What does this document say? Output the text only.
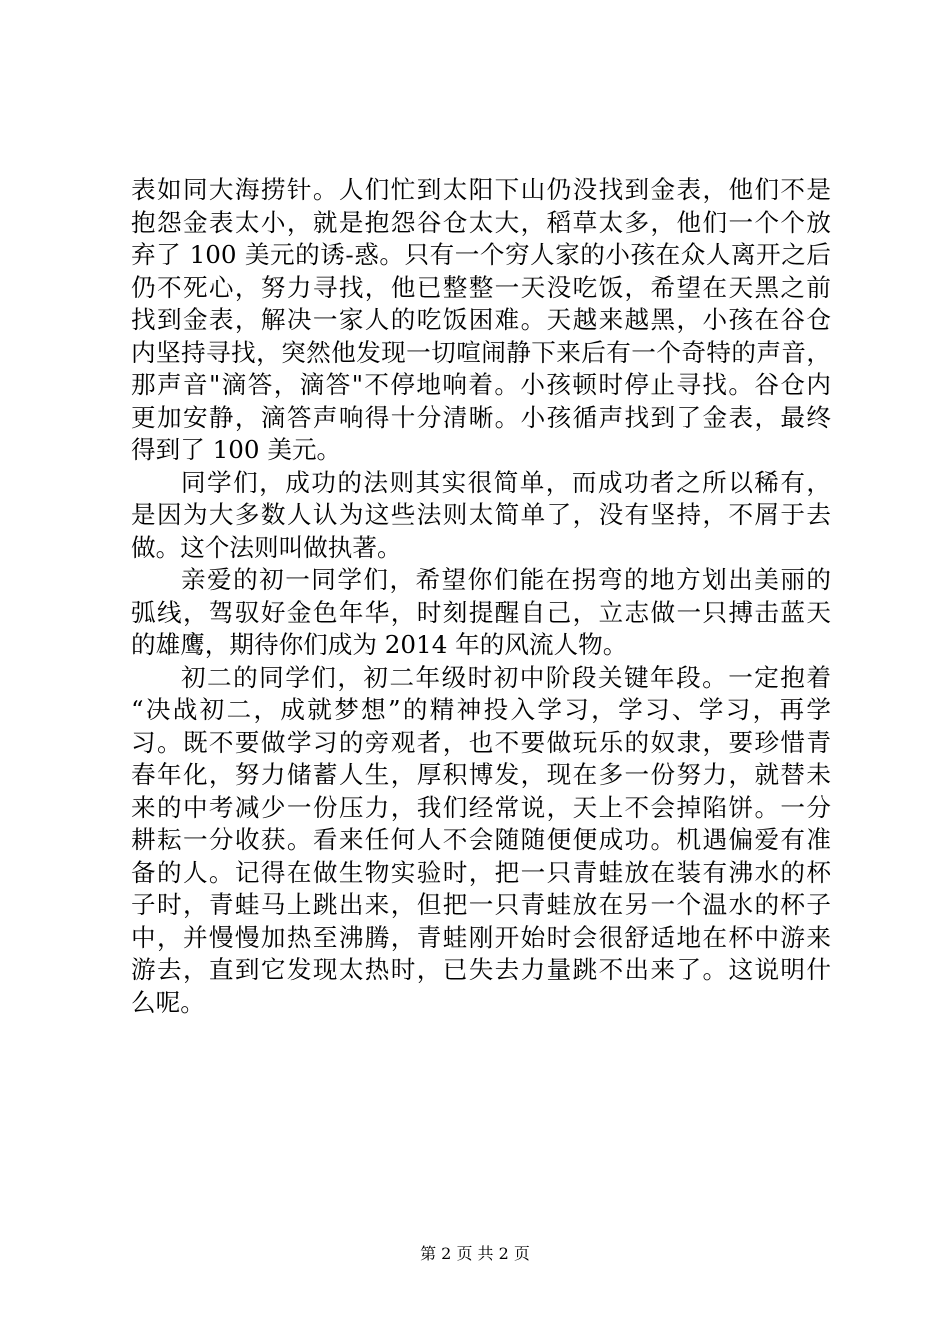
表如同大海捞针。人们忙到太阳下山仍没找到金表，他们不是
抱怨金表太小，就是抱怨谷仓太大，稻草太多，他们一个个放
弃了 100 美元的诱-惑。只有一个穷人家的小孩在众人离开之后
仍不死心，努力寻找，他已整整一天没吃饭，希望在天黑之前
找到金表，解决一家人的吃饭困难。天越来越黑，小孩在谷仓
内坚持寻找，突然他发现一切喧闹静下来后有一个奇特的声音，
那声音"滴答，滴答"不停地响着。小孩顿时停止寻找。谷仓内
更加安静，滴答声响得十分清晰。小孩循声找到了金表，最终
得到了 100 美元。
同学们，成功的法则其实很简单，而成功者之所以稀有，
是因为大多数人认为这些法则太简单了，没有坚持，不屑于去
做。这个法则叫做执著。
亲爱的初一同学们，希望你们能在拐弯的地方划出美丽的
弧线，驾驭好金色年华，时刻提醒自己，立志做一只搏击蓝天
的雄鹰，期待你们成为 2014 年的风流人物。
初二的同学们，初二年级时初中阶段关键年段。一定抱着
“决战初二，成就梦想”的精神投入学习，学习、学习，再学
习。既不要做学习的旁观者，也不要做玩乐的奴隶，要珍惜青
春年化，努力储蓄人生，厚积博发，现在多一份努力，就替未
来的中考减少一份压力，我们经常说，天上不会掉陷饼。一分
耕耘一分收获。看来任何人不会随随便便成功。机遇偏爱有准
备的人。记得在做生物实验时，把一只青蛙放在装有沸水的杯
子时，青蛙马上跳出来，但把一只青蛙放在另一个温水的杯子
中，并慢慢加热至沸腾，青蛙刚开始时会很舒适地在杯中游来
游去，直到它发现太热时，已失去力量跳不出来了。这说明什
么呢。
第 2 页 共 2 页
